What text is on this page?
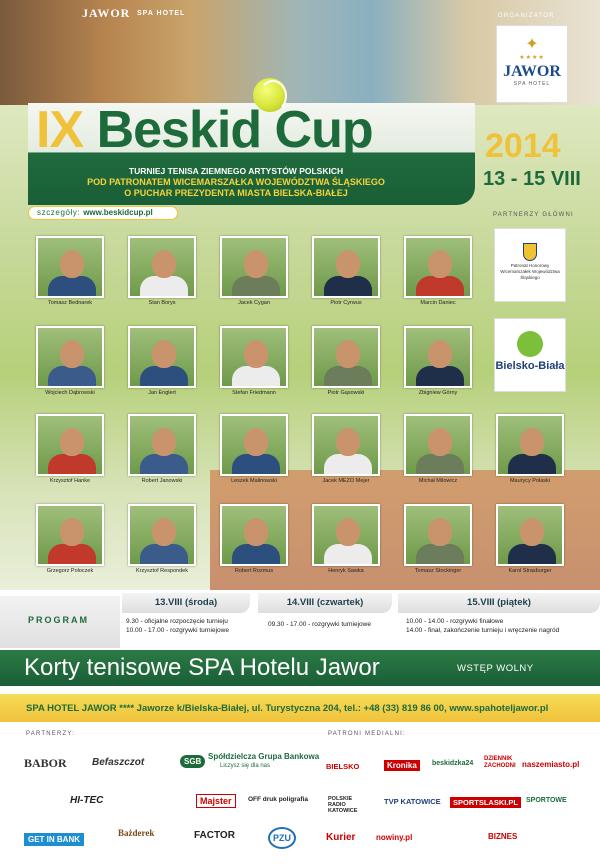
JAWOR SPA HOTEL	ORGANIZATOR
✦
★★★★
JAWOR
SPA HOTEL
IX Beskid Cup
TURNIEJ TENISA ZIEMNEGO ARTYSTÓW POLSKICH
POD PATRONATEM WICEMARSZAŁKA WOJEWÓDZTWA ŚLĄSKIEGO
O PUCHAR PREZYDENTA MIASTA BIELSKA-BIAŁEJ
2014
13 - 15 VIII
szczegóły: www.beskidcup.pl	PARTNERZY GŁÓWNI
Patronat Honorowy Wicemarszałek Województwa Śląskiego
Bielsko-Biała
Tomasz Bednarek	Stan Borys	Jacek Cygan	Piotr Cyrwus	Marcin Daniec
Wojciech Dąbrowski	Jan Englert	Stefan Friedmann	Piotr Gąsowski	Zbigniew Górny
Krzysztof Hanke	Robert Janowski	Leszek Malinowski	Jacek MEZO Mejer	Michał Milowicz	Maurycy Polaski
Grzegorz Poloczek	Krzysztof Respondek	Robert Rozmus	Henryk Sawka	Tomasz Stockinger	Karol Strasburger
PROGRAM
13.VIII (środa)
9.30 - oficjalne rozpoczęcie turnieju
10.00 - 17.00 - rozgrywki turniejowe
14.VIII (czwartek)
09.30 - 17.00 - rozgrywki turniejowe
15.VIII (piątek)
10.00 - 14.00 - rozgrywki finałowe
14.00 - finał, zakończenie turnieju i wręczenie nagród
Korty tenisowe SPA Hotelu Jawor	WSTĘP WOLNY
SPA HOTEL JAWOR **** Jaworze k/Bielska-Białej, ul. Turystyczna 204, tel.: +48 (33) 819 86 00, www.spahoteljawor.pl
PARTNERZY:	PATRONI MEDIALNI:
BABOR	Befaszczot	SGB
Spółdzielcza Grupa Bankowa
Liczysz się dla nas
HI-TEC	Majster	OFF druk poligrafia
GET IN BANK
Bażderek	FACTOR	PZU
BIELSKO	Kronika	beskidzka24
DZIENNIK ZACHODNI naszemiasto.pl
POLSKIE RADIO KATOWICE
TVP KATOWICE	SPORTSLASKI.PL	SPORTOWE
Kurier	nowiny.pl	BIZNES
